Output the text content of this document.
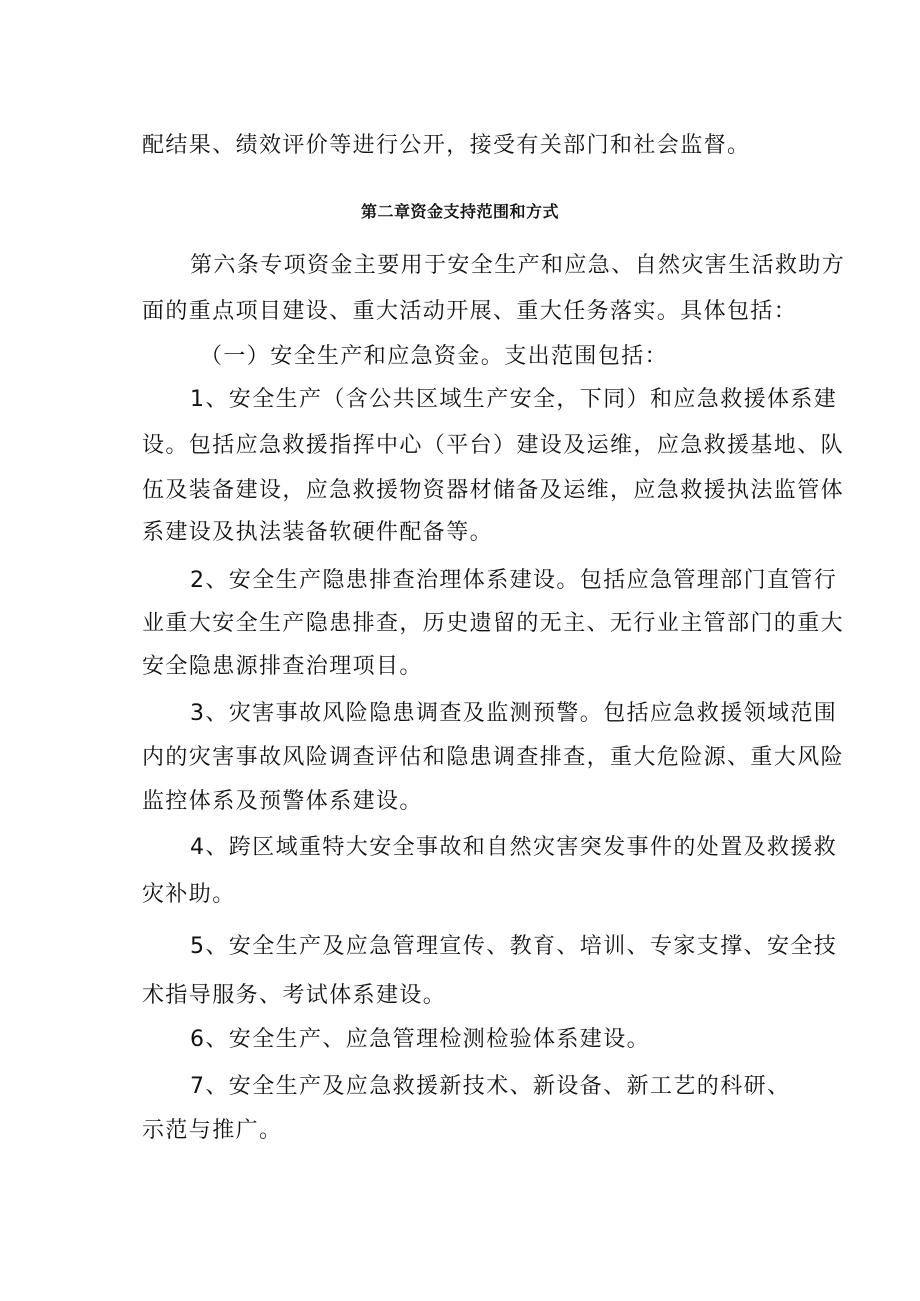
配结果、绩效评价等进行公开，接受有关部门和社会监督。
第二章资金支持范围和方式
第六条专项资金主要用于安全生产和应急、自然灾害生活救助方
面的重点项目建设、重大活动开展、重大任务落实。具体包括：
（一）安全生产和应急资金。支出范围包括：
1、安全生产（含公共区域生产安全，下同）和应急救援体系建
设。包括应急救援指挥中心（平台）建设及运维，应急救援基地、队
伍及装备建设，应急救援物资器材储备及运维，应急救援执法监管体
系建设及执法装备软硬件配备等。
2、安全生产隐患排查治理体系建设。包括应急管理部门直管行
业重大安全生产隐患排查，历史遗留的无主、无行业主管部门的重大
安全隐患源排查治理项目。
3、灾害事故风险隐患调查及监测预警。包括应急救援领域范围
内的灾害事故风险调查评估和隐患调查排查，重大危险源、重大风险
监控体系及预警体系建设。
4、跨区域重特大安全事故和自然灾害突发事件的处置及救援救
灾补助。
5、安全生产及应急管理宣传、教育、培训、专家支撑、安全技
术指导服务、考试体系建设。
6、安全生产、应急管理检测检验体系建设。
7、安全生产及应急救援新技术、新设备、新工艺的科研、
示范与推广。
